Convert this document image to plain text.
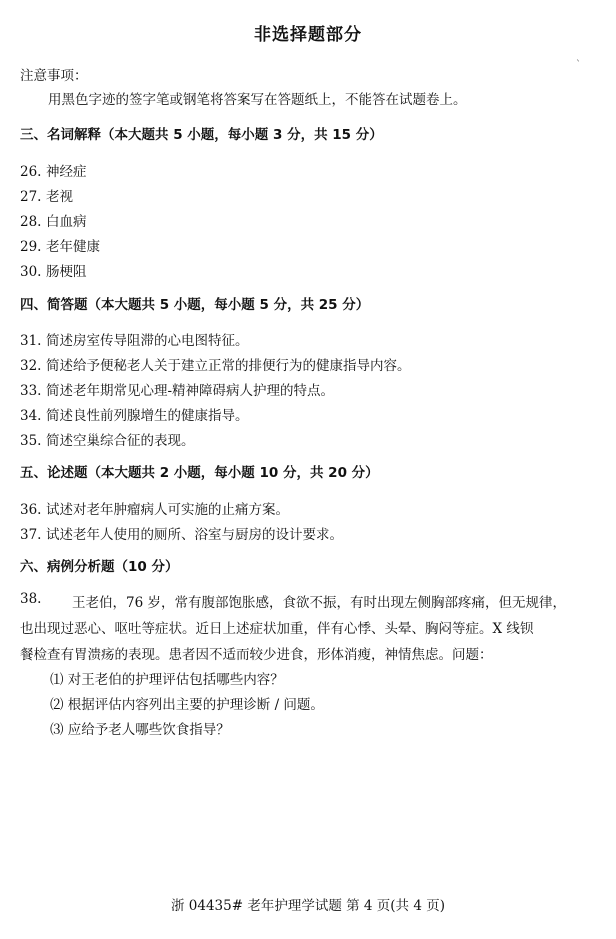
非选择题部分
`
注意事项：
用黑色字迹的签字笔或钢笔将答案写在答题纸上，不能答在试题卷上。
三、名词解释（本大题共 5 小题，每小题 3 分，共 15 分）
26. 神经症
27. 老视
28. 白血病
29. 老年健康
30. 肠梗阻
四、简答题（本大题共 5 小题，每小题 5 分，共 25 分）
31. 简述房室传导阻滞的心电图特征。
32. 简述给予便秘老人关于建立正常的排便行为的健康指导内容。
33. 简述老年期常见心理-精神障碍病人护理的特点。
34. 简述良性前列腺增生的健康指导。
35. 简述空巢综合征的表现。
五、论述题（本大题共 2 小题，每小题 10 分，共 20 分）
36. 试述对老年肿瘤病人可实施的止痛方案。
37. 试述老年人使用的厕所、浴室与厨房的设计要求。
六、病例分析题（10 分）
38. 王老伯，76 岁，常有腹部饱胀感，食欲不振，有时出现左侧胸部疼痛，但无规律，
也出现过恶心、呕吐等症状。近日上述症状加重，伴有心悸、头晕、胸闷等症。X 线钡
餐检查有胃溃疡的表现。患者因不适而较少进食，形体消瘦，神情焦虑。问题：
⑴ 对王老伯的护理评估包括哪些内容？
⑵ 根据评估内容列出主要的护理诊断 / 问题。
⑶ 应给予老人哪些饮食指导？
浙 04435# 老年护理学试题 第 4 页(共 4 页)
